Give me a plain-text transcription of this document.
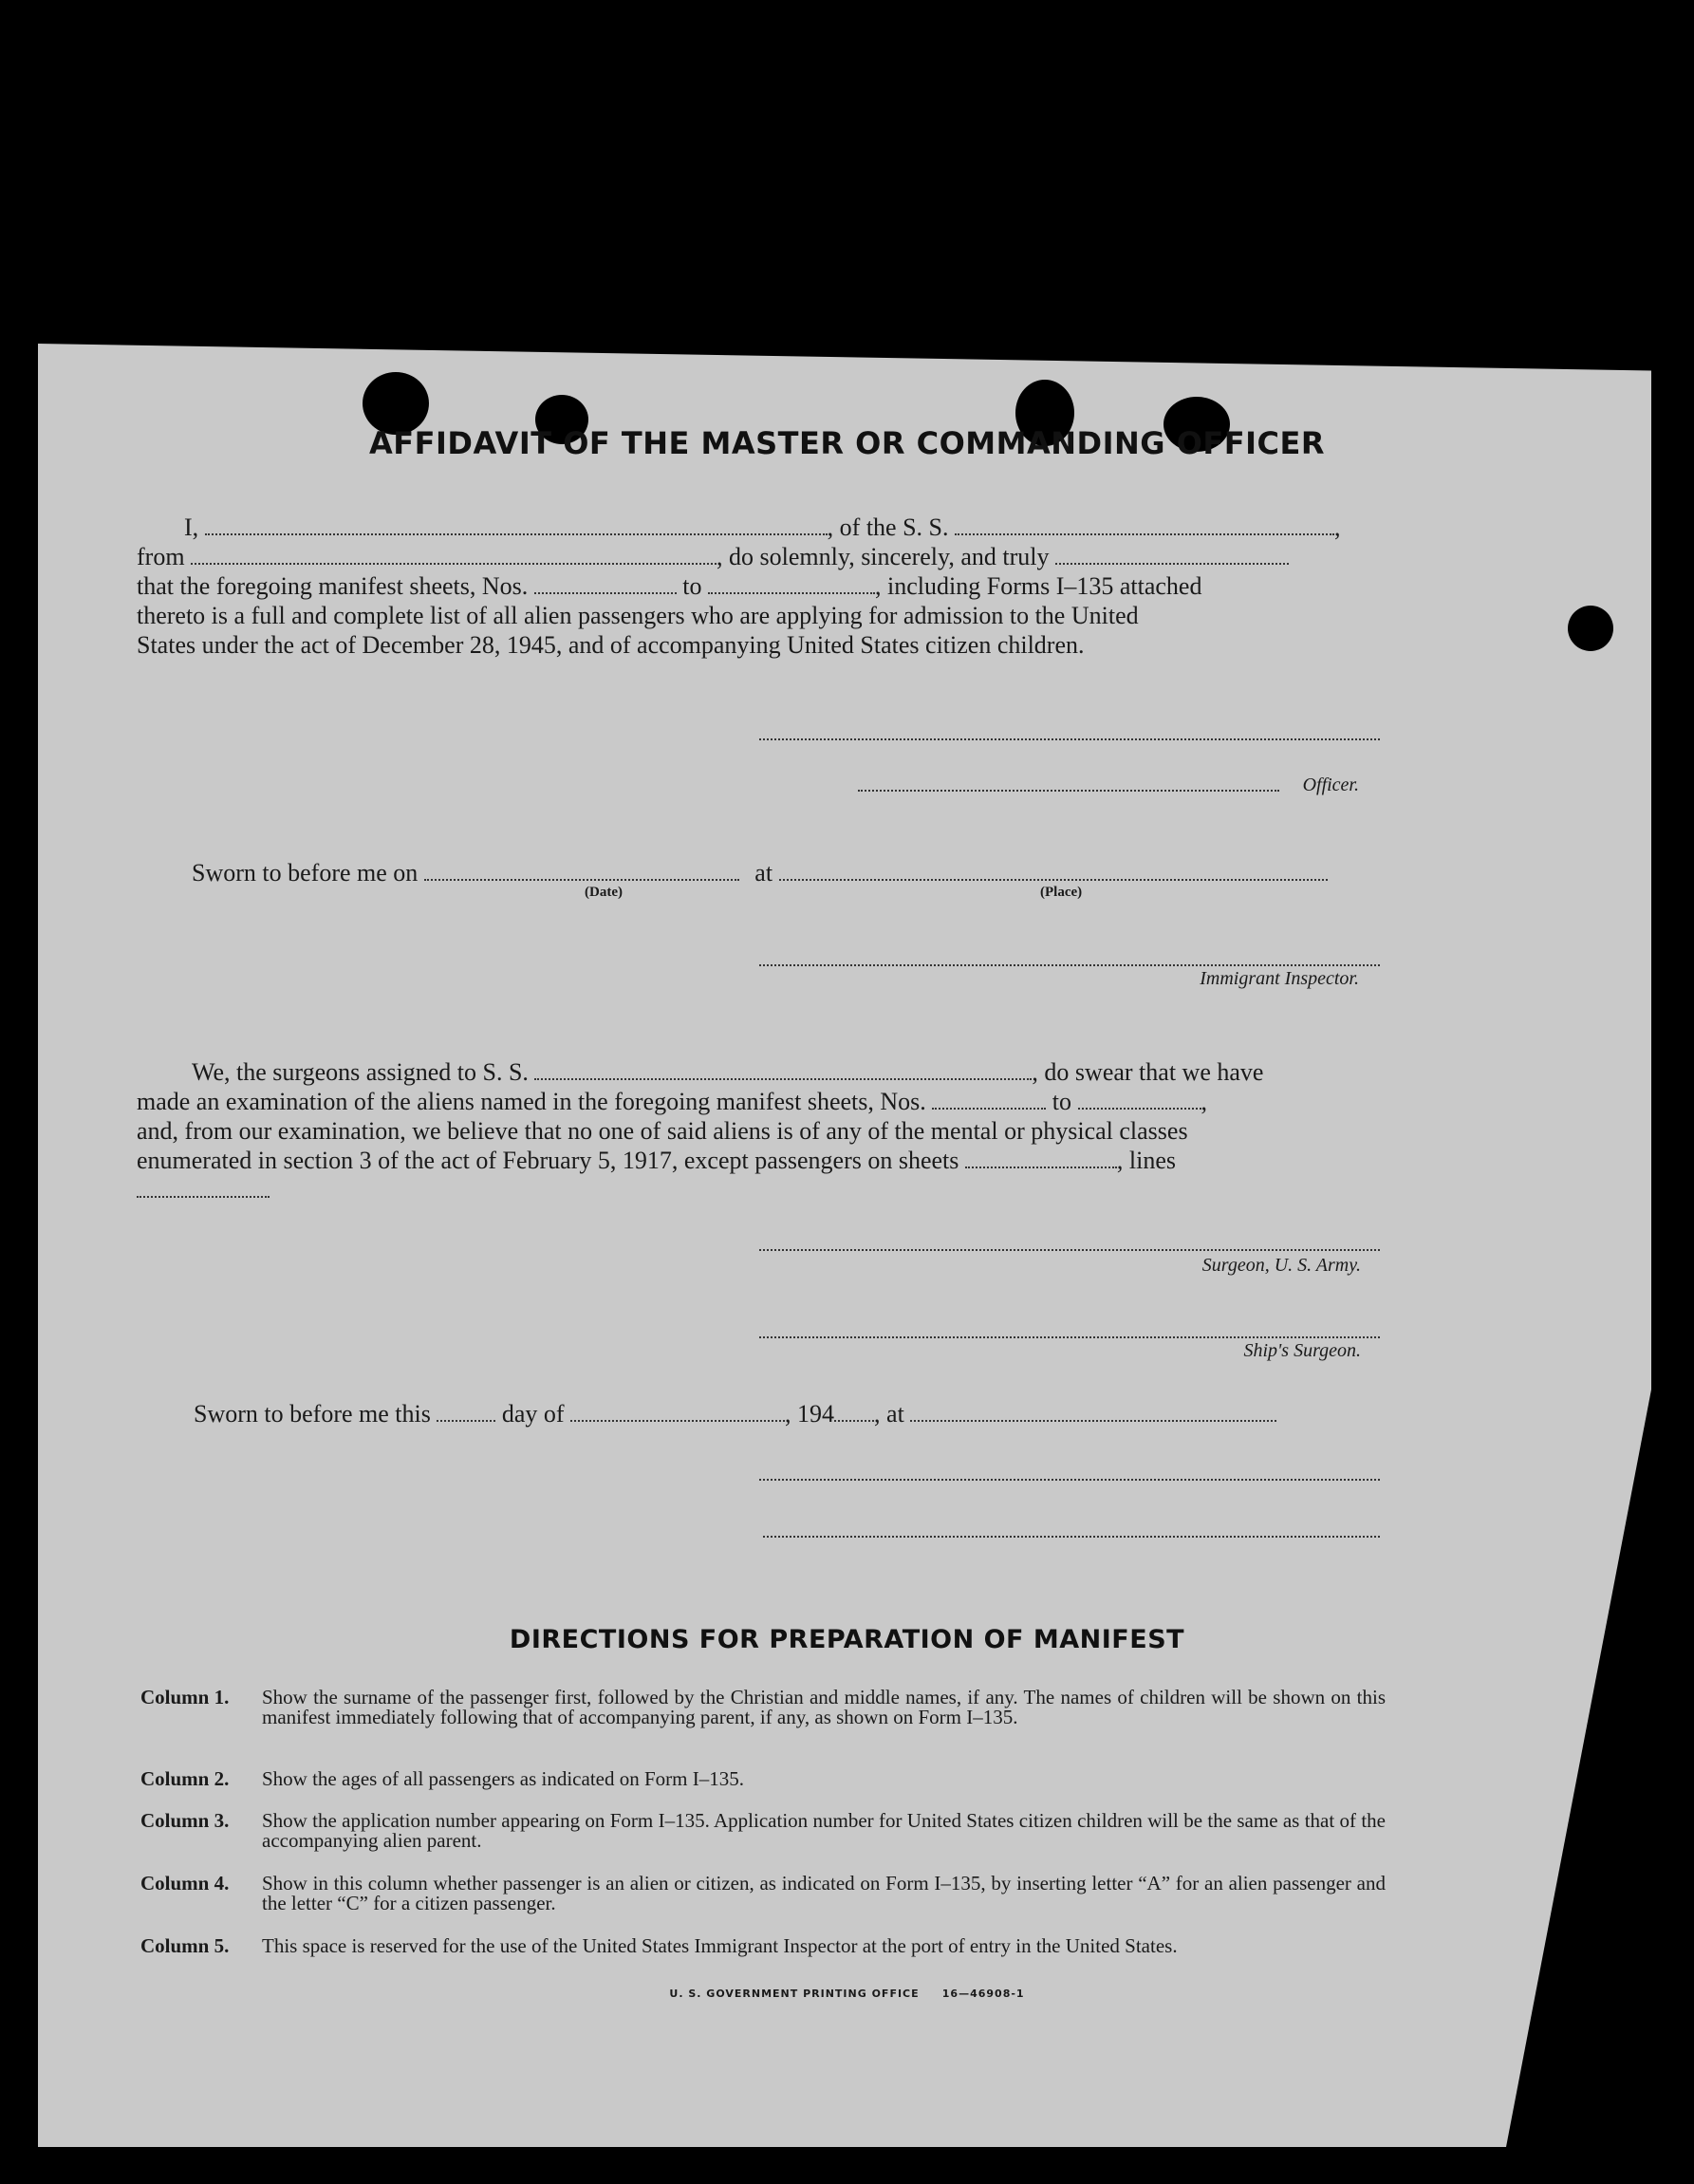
AFFIDAVIT OF THE MASTER OR COMMANDING OFFICER
I,	, of the S. S.	,
from	, do solemnly, sincerely, and truly
that the foregoing manifest sheets, Nos.	to	, including Forms I–135 attached
thereto is a full and complete list of all alien passengers who are applying for admission to the United
States under the act of December 28, 1945, and of accompanying United States citizen children.
Officer.
Sworn to before me on	at
(Date)	(Place)
Immigrant Inspector.
We, the surgeons assigned to S. S.	, do swear that we have
made an examination of the aliens named in the foregoing manifest sheets, Nos.	to	,
and, from our examination, we believe that no one of said aliens is of any of the mental or physical classes
enumerated in section 3 of the act of February 5, 1917, except passengers on sheets	, lines
Surgeon, U. S. Army.
Ship's Surgeon.
Sworn to before me this	day of	, 194 , at
DIRECTIONS FOR PREPARATION OF MANIFEST
Column 1.	Show the surname of the passenger first, followed by the Christian and middle names, if any. The names of children will be shown on this manifest immediately following that of accompanying parent, if any, as shown on Form I–135.
Column 2.	Show the ages of all passengers as indicated on Form I–135.
Column 3.	Show the application number appearing on Form I–135. Application number for United States citizen children will be the same as that of the accompanying alien parent.
Column 4.	Show in this column whether passenger is an alien or citizen, as indicated on Form I–135, by inserting letter “A” for an alien passenger and the letter “C” for a citizen passenger.
Column 5.	This space is reserved for the use of the United States Immigrant Inspector at the port of entry in the United States.
U. S. GOVERNMENT PRINTING OFFICE     16—46908-1
